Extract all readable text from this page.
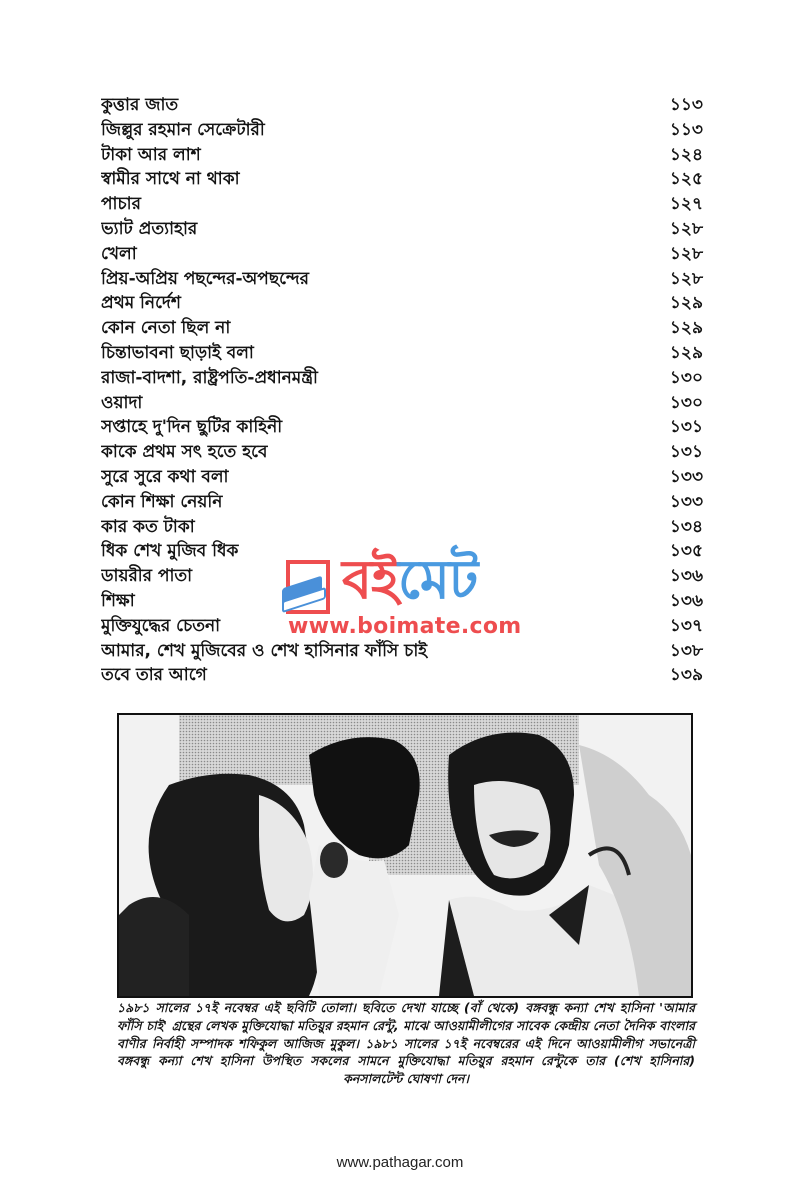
কুত্তার জাত	১১৩
জিল্লুর রহমান সেক্রেটারী	১১৩
টাকা আর লাশ	১২৪
স্বামীর সাথে না থাকা	১২৫
পাচার	১২৭
ভ্যাট প্রত্যাহার	১২৮
খেলা	১২৮
প্রিয়-অপ্রিয় পছন্দের-অপছন্দের	১২৮
প্রথম নির্দেশ	১২৯
কোন নেতা ছিল না	১২৯
চিন্তাভাবনা ছাড়াই বলা	১২৯
রাজা-বাদশা, রাষ্ট্রপতি-প্রধানমন্ত্রী	১৩০
ওয়াদা	১৩০
সপ্তাহে দু'দিন ছুটির কাহিনী	১৩১
কাকে প্রথম সৎ হতে হবে	১৩১
সুরে সুরে কথা বলা	১৩৩
কোন শিক্ষা নেয়নি	১৩৩
কার কত টাকা	১৩৪
ধিক শেখ মুজিব ধিক	১৩৫
ডায়রীর পাতা	১৩৬
শিক্ষা	১৩৬
মুক্তিযুদ্ধের চেতনা	১৩৭
আমার, শেখ মুজিবের ও শেখ হাসিনার ফাঁসি চাই	১৩৮
তবে তার আগে	১৩৯
বইমেট
www.boimate.com

১৯৮১ সালের ১৭ই নবেম্বর এই ছবিটি তোলা। ছবিতে দেখা যাচ্ছে (বাঁ থেকে) বঙ্গবন্ধু কন্যা শেখ হাসিনা 'আমার ফাঁসি চাই' গ্রন্থের লেখক মুক্তিযোদ্ধা মতিয়ুর রহমান রেন্টু, মাঝে আওয়ামীলীগের সাবেক কেন্দ্রীয় নেতা দৈনিক বাংলার বাণীর নির্বাহী সম্পাদক শফিকুল আজিজ মুকুল। ১৯৮১ সালের ১৭ই নবেম্বরের এই দিনে আওয়ামীলীগ সভানেত্রী বঙ্গবন্ধু কন্যা শেখ হাসিনা উপস্থিত সকলের সামনে মুক্তিযোদ্ধা মতিয়ুর রহমান রেন্টুকে তার (শেখ হাসিনার) কনসালটেন্ট ঘোষণা দেন।

www.pathagar.com
